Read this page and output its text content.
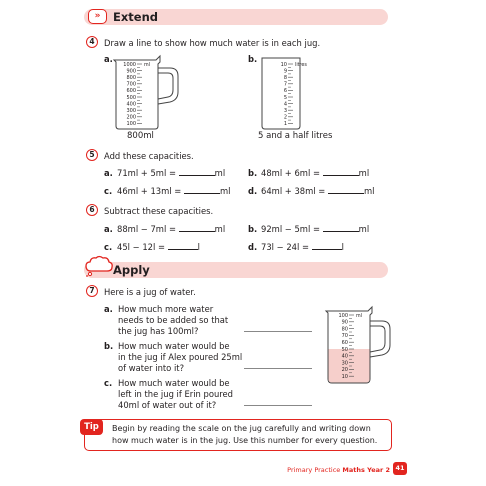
»	Extend
4	Draw a line to show how much water is in each jug.
a.	b.
1000
900
800
700
600
500
400
300
200
100
ml
800ml
10
9
8
7
6
5
4
3
2
1
litres
5 and a half litres
5	Add these capacities.
a. 71ml + 5ml =	ml	b. 48ml + 6ml =	ml
c. 46ml + 13ml =	ml d. 64ml + 38ml =	ml
6	Subtract these capacities.
a. 88ml − 7ml =	ml	b. 92ml − 5ml =	ml
c. 45l − 12l =	l	d. 73l − 24l =	l
Apply
7	Here is a jug of water.
a. How much more water
needs to be added so that
the jug has 100ml?
b. How much water would be
in the jug if Alex poured 25ml
of water into it?
c. How much water would be
left in the jug if Erin poured
40ml of water out of it?
100
90
80
70
60
50
40
30
20
10
ml
Tip	Begin by reading the scale on the jug carefully and writing down how much water is in the jug. Use this number for every question.
Primary Practice Maths Year 2 41
